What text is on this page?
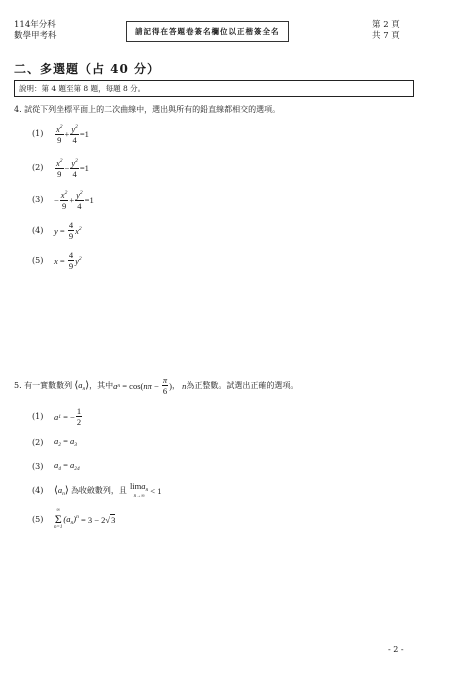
114年分科
數學甲考科	請記得在答題卷簽名欄位以正楷簽全名
第 2 頁
共 7 頁
二、多選題（占 40 分）
說明：第 4 題至第 8 題，每題 8 分。
4. 試從下列坐標平面上的二次曲線中，選出與所有的鉛直線都相交的選項。
(1)	$\frac{x^2}{9} + \frac{y^2}{4} =1$
(2)	$\frac{x^2}{9} - \frac{y^2}{4} =1$
(3)	− $\frac{x^2}{9} + \frac{y^2}{4} =1$
(4)	$y = \frac{4}{9} x^2$
(5)	$x = \frac{4}{9} y^2$
5. 有一實數數列 $⟨a_n⟩$ ，其中 a n = cos( $n\pi - \frac{\pi}{6}$ ) ， n 為正整數。試選出正確的選項。
(1)	a 1 = − $\frac{1}{2}$
(2)	$a_2 = a_3$
(3)	$a_4 = a_{24}$
(4)	$⟨a_n⟩$ 為收斂數列，且 lima$_n$
n→∞
< 1
(5)
∞
Σ
n=1
$(a_n)^n = 3 - 2$ √ 3
- 2 -
